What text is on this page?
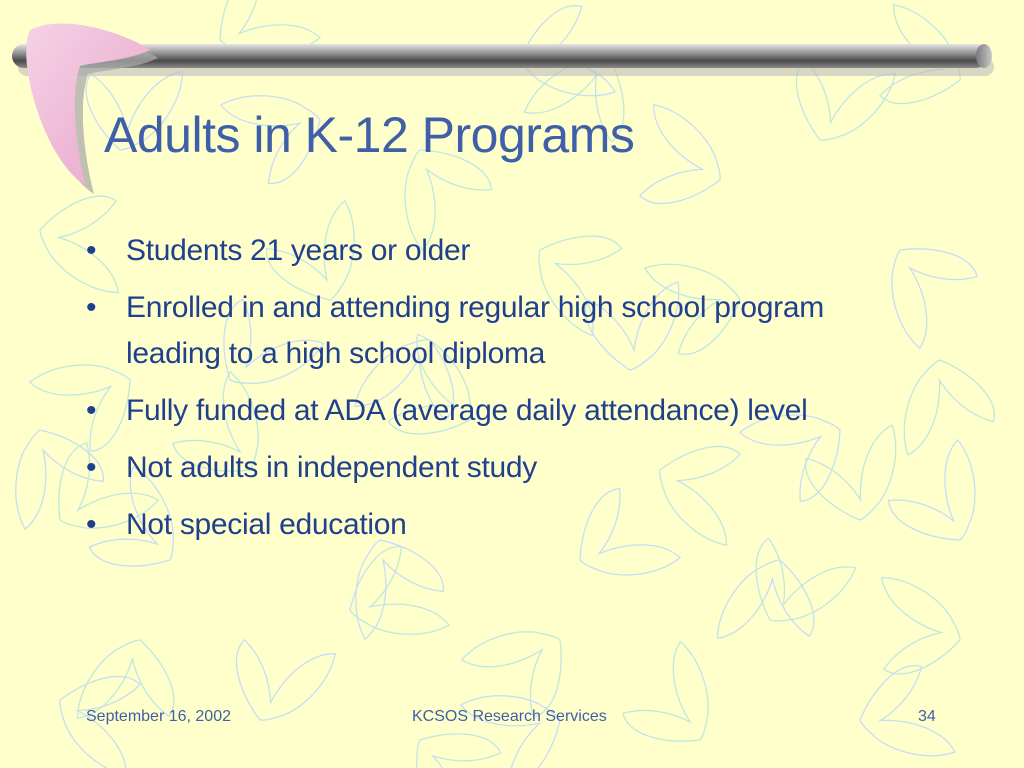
Adults in K-12 Programs
• Students 21 years or older
• Enrolled in and attending regular high school program leading to a high school diploma
• Fully funded at ADA (average daily attendance) level
• Not adults in independent study
• Not special education
September 16, 2002	KCSOS Research Services	34
